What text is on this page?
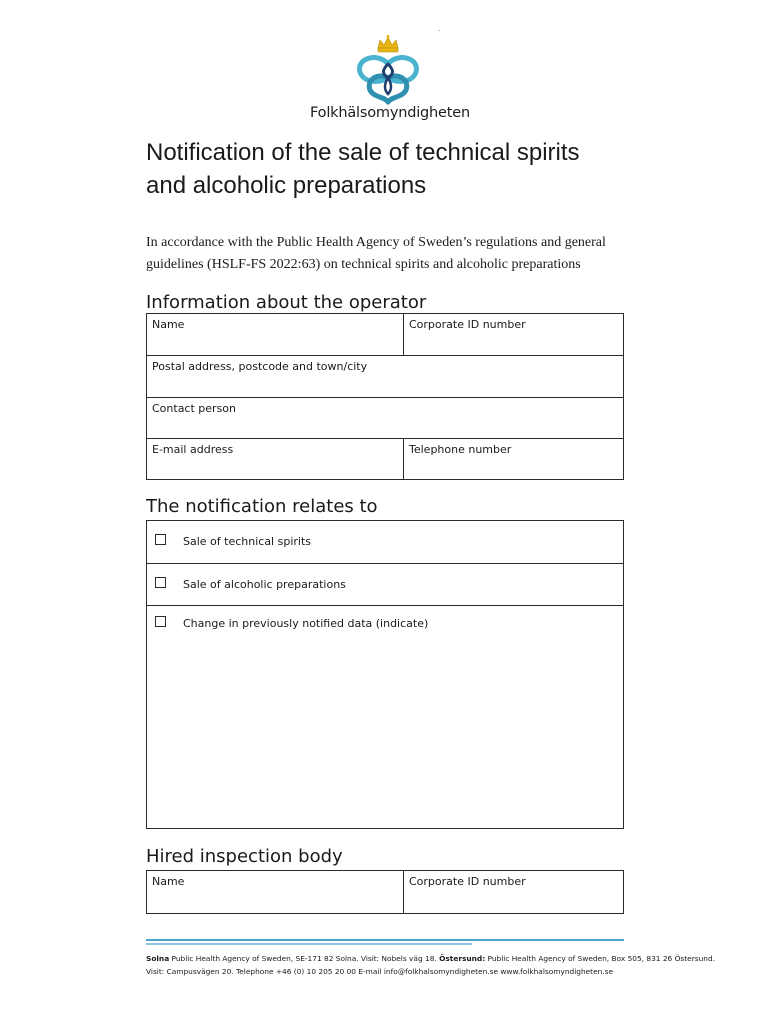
.
Folkhälsomyndigheten
Notification of the sale of technical spirits
and alcoholic preparations
In accordance with the Public Health Agency of Sweden’s regulations and general
guidelines (HSLF-FS 2022:63) on technical spirits and alcoholic preparations
Information about the operator
Name	Corporate ID number
Postal address, postcode and town/city
Contact person
E-mail address	Telephone number
The notification relates to
Sale of technical spirits
Sale of alcoholic preparations
Change in previously notified data (indicate)
Hired inspection body
Name	Corporate ID number
Solna Public Health Agency of Sweden, SE-171 82 Solna. Visit: Nobels väg 18. Östersund: Public Health Agency of Sweden, Box 505, 831 26 Östersund.
Visit: Campusvägen 20. Telephone +46 (0) 10 205 20 00 E-mail info@folkhalsomyndigheten.se www.folkhalsomyndigheten.se
